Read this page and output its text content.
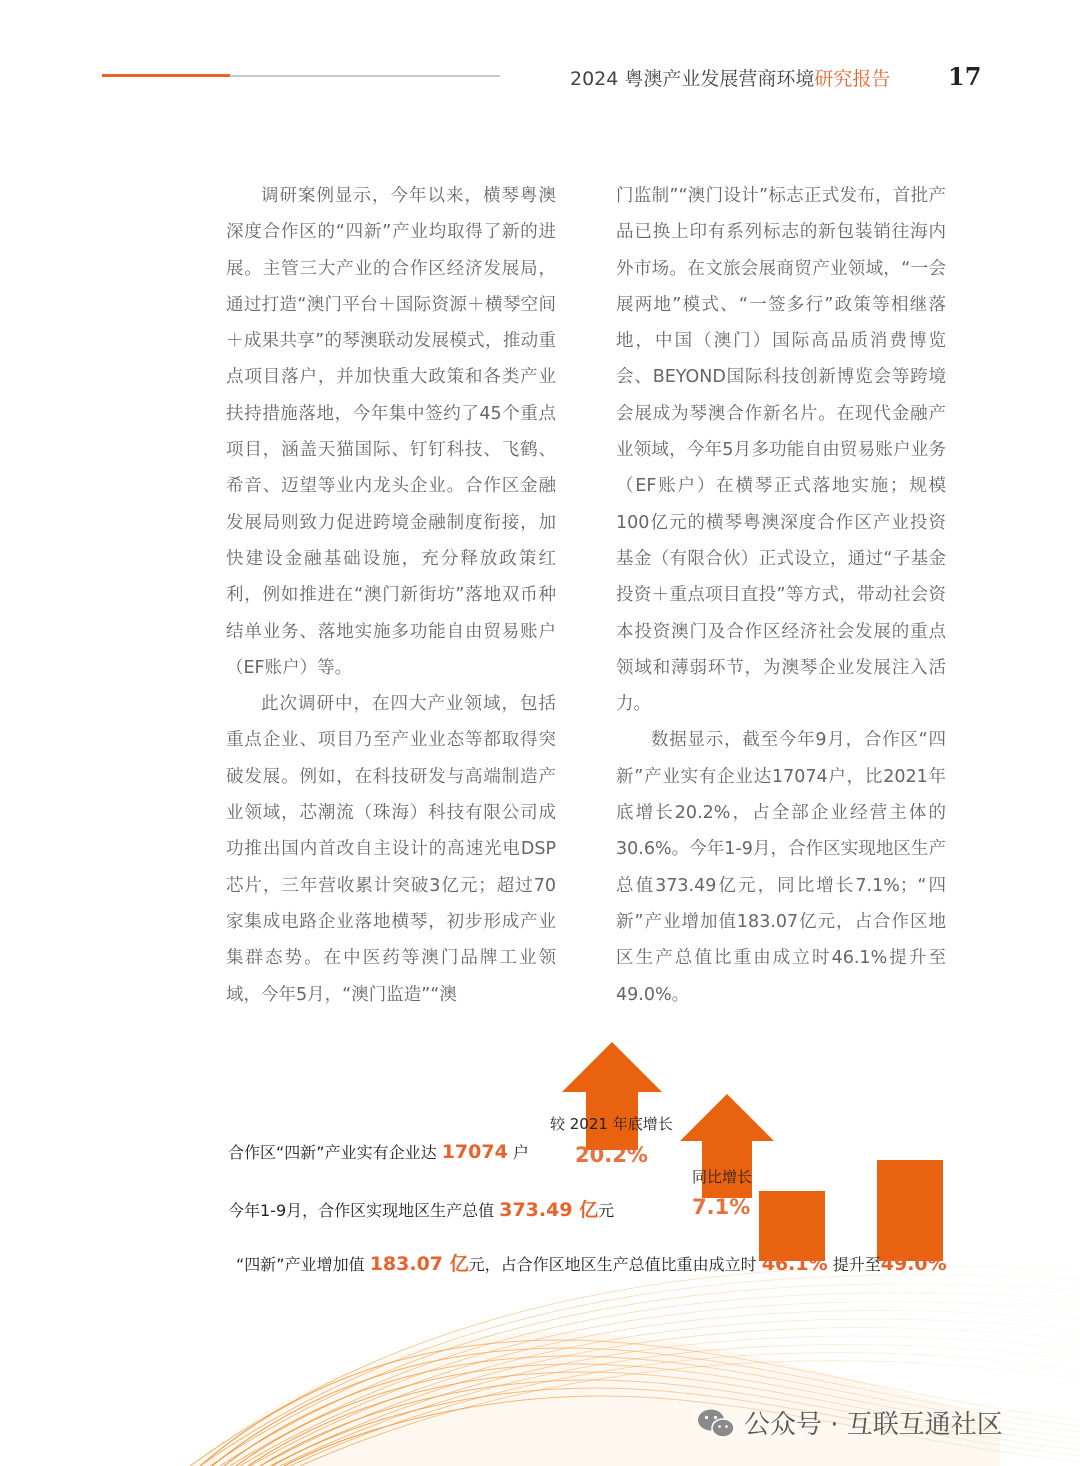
2024 粤澳产业发展营商环境研究报告 17

调研案例显示，今年以来，横琴粤澳深度合作区的“四新”产业均取得了新的进展。主管三大产业的合作区经济发展局，通过打造“澳门平台＋国际资源＋横琴空间＋成果共享”的琴澳联动发展模式，推动重点项目落户，并加快重大政策和各类产业扶持措施落地，今年集中签约了45个重点项目，涵盖天猫国际、钉钉科技、飞鹤、希音、迈望等业内龙头企业。合作区金融发展局则致力促进跨境金融制度衔接，加快建设金融基础设施，充分释放政策红利，例如推进在“澳门新街坊”落地双币种结单业务、落地实施多功能自由贸易账户（EF账户）等。

此次调研中，在四大产业领域，包括重点企业、项目乃至产业业态等都取得突破发展。例如，在科技研发与高端制造产业领域，芯潮流（珠海）科技有限公司成功推出国内首改自主设计的高速光电DSP芯片，三年营收累计突破3亿元；超过70家集成电路企业落地横琴，初步形成产业集群态势。在中医药等澳门品牌工业领域，今年5月，“澳门监造”“澳

门监制”“澳门设计”标志正式发布，首批产品已换上印有系列标志的新包装销往海内外市场。在文旅会展商贸产业领域，“一会展两地”模式、“一签多行”政策等相继落地，中国（澳门）国际高品质消费博览会、BEYOND国际科技创新博览会等跨境会展成为琴澳合作新名片。在现代金融产业领域，今年5月多功能自由贸易账户业务（EF账户）在横琴正式落地实施；规模100亿元的横琴粤澳深度合作区产业投资基金（有限合伙）正式设立，通过“子基金投资＋重点项目直投”等方式，带动社会资本投资澳门及合作区经济社会发展的重点领域和薄弱环节，为澳琴企业发展注入活力。

数据显示，截至今年9月，合作区“四新”产业实有企业达17074户，比2021年底增长20.2%，占全部企业经营主体的30.6%。今年1-9月，合作区实现地区生产总值373.49亿元，同比增长7.1%；“四新”产业增加值183.07亿元，占合作区地区生产总值比重由成立时46.1%提升至49.0%。

较 2021 年底增长
同比增长
20.2%
7.1%
合作区“四新”产业实有企业达 17074 户
今年1-9月，合作区实现地区生产总值 373.49 亿元
“四新”产业增加值 183.07 亿元，占合作区地区生产总值比重由成立时 46.1% 提升至49.0%
公众号 · 互联互通社区
